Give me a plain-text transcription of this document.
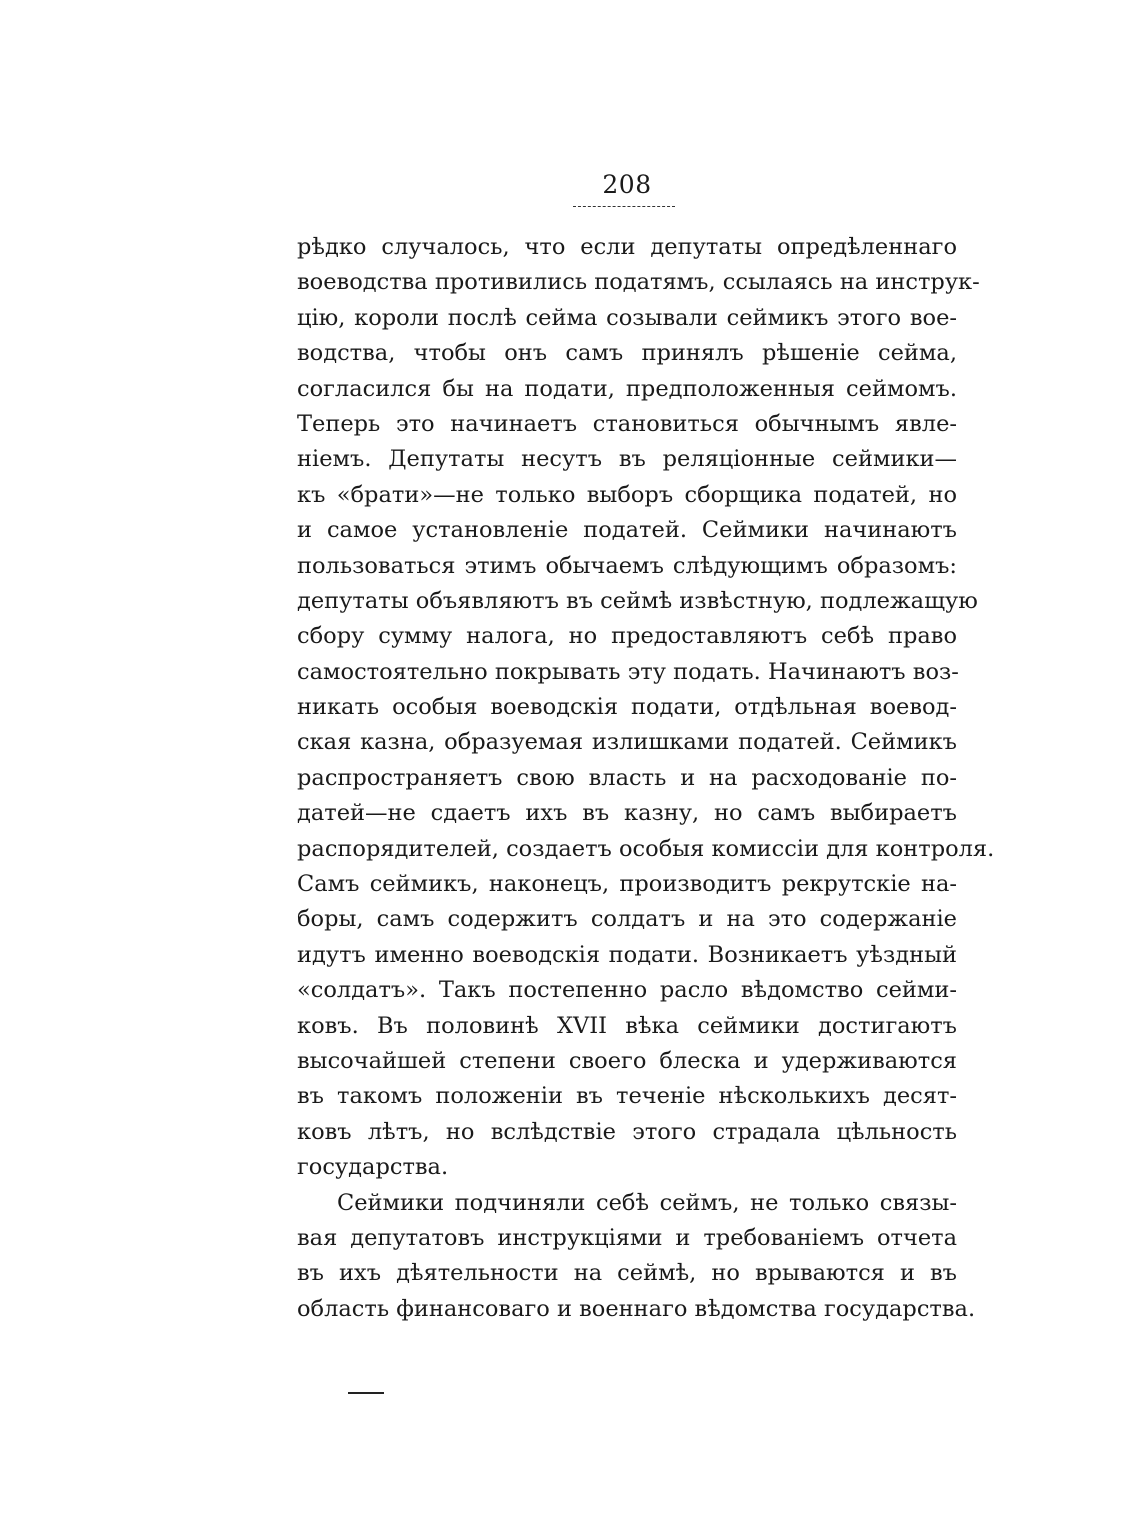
208
рѣдко случалось, что если депутаты опредѣленнаго
воеводства противились податямъ, ссылаясь на инструк-
цію, короли послѣ сейма созывали сеймикъ этого вое-
водства, чтобы онъ самъ принялъ рѣшеніе сейма,
согласился бы на подати, предположенныя сеймомъ.
Теперь это начинаетъ становиться обычнымъ явле-
ніемъ. Депутаты несутъ въ реляціонные сеймики—
къ «брати»—не только выборъ сборщика податей, но
и самое установленіе податей. Сеймики начинаютъ
пользоваться этимъ обычаемъ слѣдующимъ образомъ:
депутаты объявляютъ въ сеймѣ извѣстную, подлежащую
сбору сумму налога, но предоставляютъ себѣ право
самостоятельно покрывать эту подать. Начинаютъ воз-
никать особыя воеводскія подати, отдѣльная воевод-
ская казна, образуемая излишками податей. Сеймикъ
распространяетъ свою власть и на расходованіе по-
датей—не сдаетъ ихъ въ казну, но самъ выбираетъ
распорядителей, создаетъ особыя комиссіи для контроля.
Самъ сеймикъ, наконецъ, производитъ рекрутскіе на-
боры, самъ содержитъ солдатъ и на это содержаніе
идутъ именно воеводскія подати. Возникаетъ уѣздный
«солдатъ». Такъ постепенно расло вѣдомство сейми-
ковъ. Въ половинѣ XVII вѣка сеймики достигаютъ
высочайшей степени своего блеска и удерживаются
въ такомъ положеніи въ теченіе нѣсколькихъ десят-
ковъ лѣтъ, но вслѣдствіе этого страдала цѣльность
государства.
Сеймики подчиняли себѣ сеймъ, не только связы-
вая депутатовъ инструкціями и требованіемъ отчета
въ ихъ дѣятельности на сеймѣ, но врываются и въ
область финансоваго и военнаго вѣдомства государства.
